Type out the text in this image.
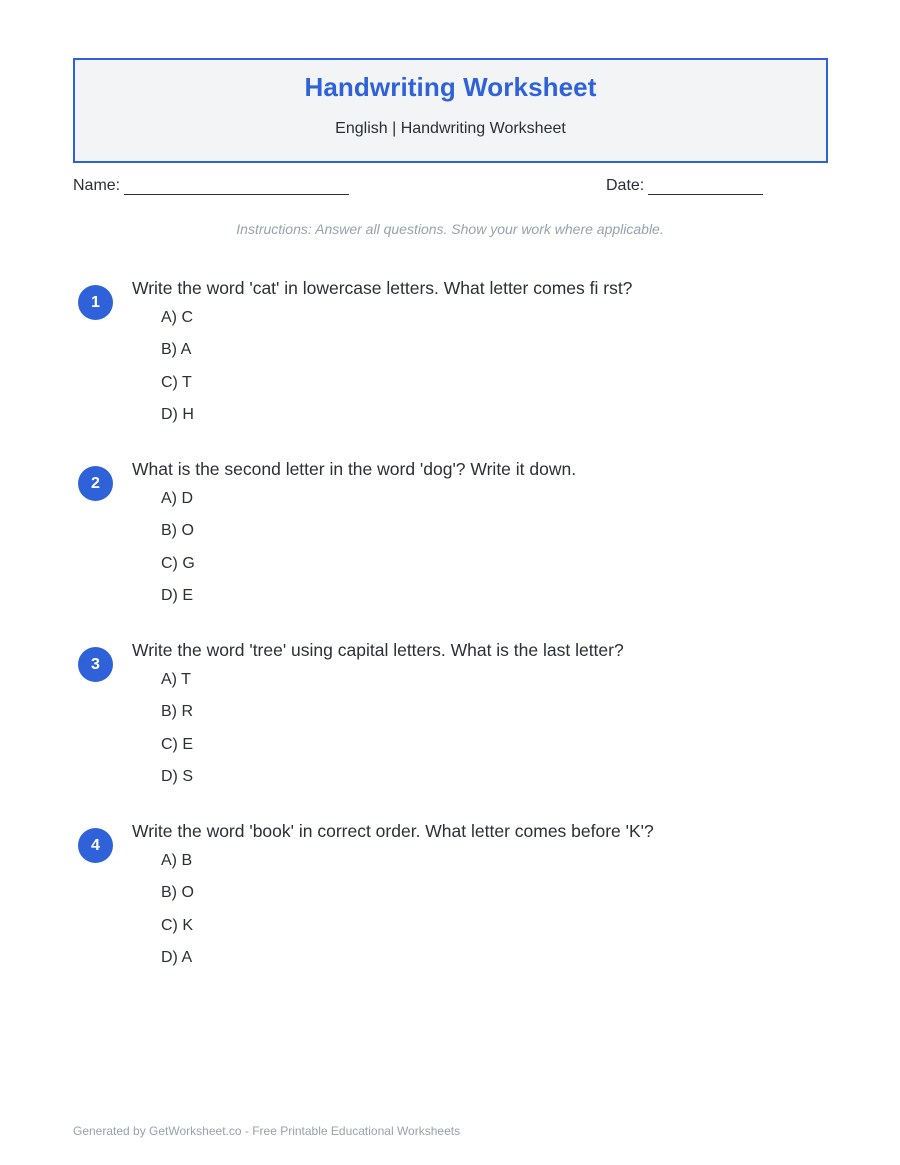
Handwriting Worksheet
English | Handwriting Worksheet
Name:	Date:
Instructions: Answer all questions. Show your work where applicable.
1
Write the word 'cat' in lowercase letters. What letter comes fi rst?
A) C
B) A
C) T
D) H
2
What is the second letter in the word 'dog'? Write it down.
A) D
B) O
C) G
D) E
3
Write the word 'tree' using capital letters. What is the last letter?
A) T
B) R
C) E
D) S
4
Write the word 'book' in correct order. What letter comes before 'K'?
A) B
B) O
C) K
D) A
Generated by GetWorksheet.co - Free Printable Educational Worksheets
